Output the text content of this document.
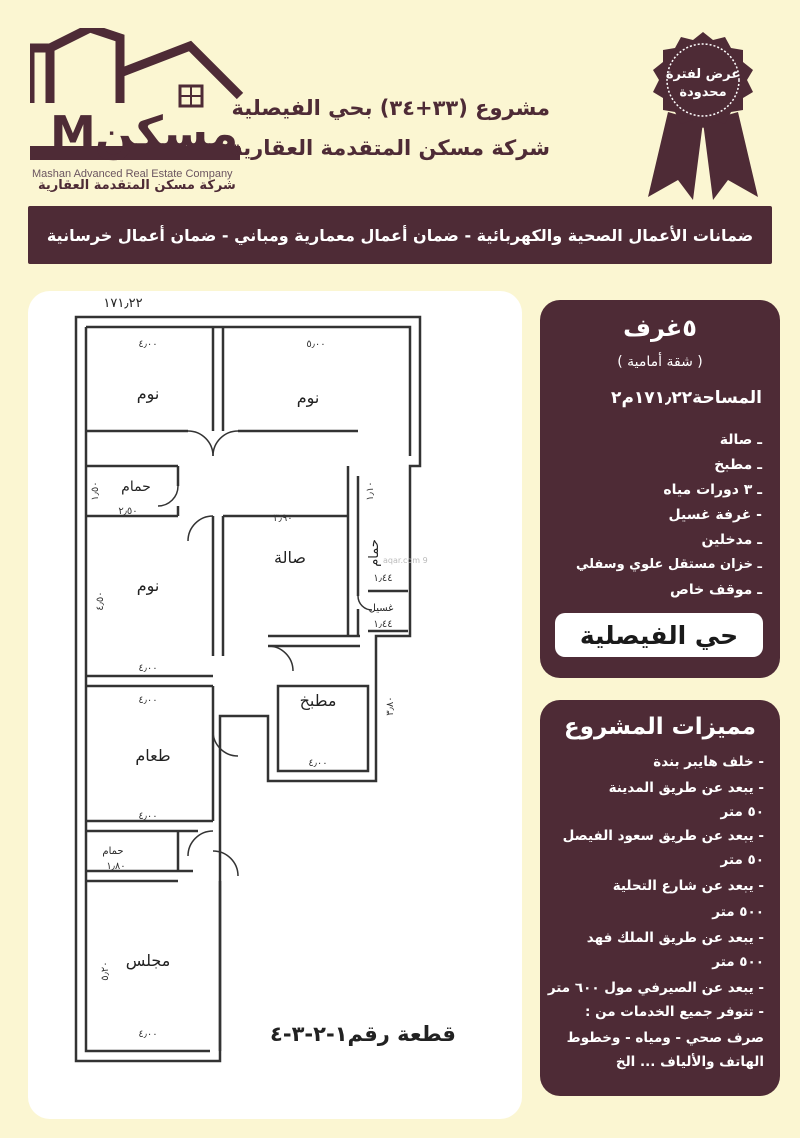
Mمسكن
Mashan Advanced Real Estate Company
شركة مسكن المتقدمة العقارية
مشروع (٣٣+٣٤) بحي الفيصلية
شركة مسكن المتقدمة العقارية
عرض لفترة
محدودة
ضمانات الأعمال الصحية والكهربائية - ضمان أعمال معمارية ومباني - ضمان أعمال خرسانية
نوم	نوم
حمام
صالة
نوم
مطبخ
طعام
مجلس
غسيل
حمام
حمام
٤٫٠٠	٥٫٠٠
٤٫٠٠
٣٫٩٠
٢٫٥٠
٤٫٠٠
٤٫٠٠
١٫٨٠
٤٫٠٠
٤٫٠٠
١٫٤٤
١٫٤٤
٤٫٥٠
٥٫٢٠
٣٫٨٠
١٫١٠
١٫٥٠
١٧١٫٢٢
aqar.com 9
قطعة رقم١-٢-٣-٤
٥غرف
( شقة أمامية )
المساحة١٧١٫٢٢م٢
ـ صالة
ـ مطبخ
ـ ٣ دورات مياه
- غرفة غسيل
ـ مدخلين
ـ خزان مستقل علوي وسفلي
ـ موقف خاص
حي الفيصلية
مميزات المشروع
- خلف هايبر بندة
- يبعد عن طريق المدينة
٥٠ متر
- يبعد عن طريق سعود الفيصل
٥٠ متر
- يبعد عن شارع التحلية
٥٠٠ متر
- يبعد عن طريق الملك فهد
٥٠٠ متر
- يبعد عن الصيرفي مول ٦٠٠ متر
- تتوفر جميع الخدمات من :
صرف صحي - ومياه - وخطوط
الهاتف والألياف ... الخ
